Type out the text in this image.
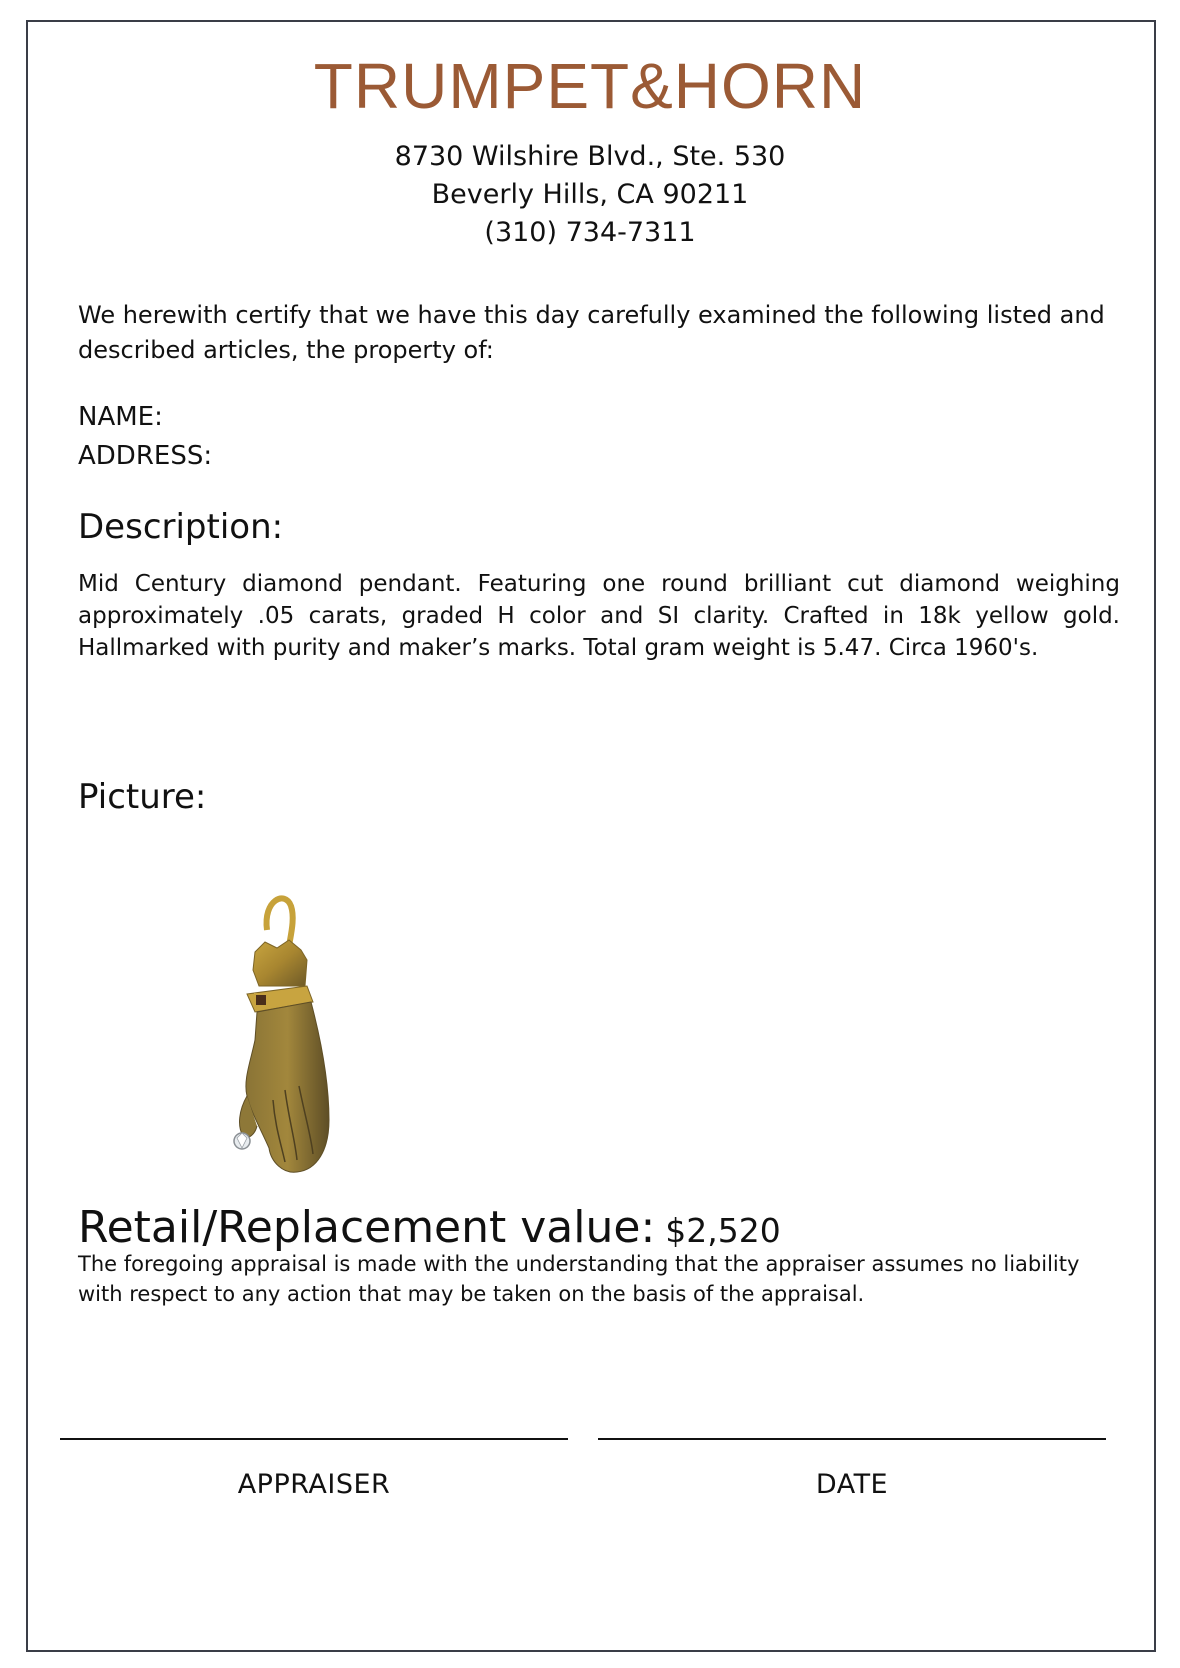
TRUMPET&HORN
8730 Wilshire Blvd., Ste. 530
Beverly Hills, CA 90211
(310) 734-7311
We herewith certify that we have this day carefully examined the following listed and described articles, the property of:
NAME:
ADDRESS:
Description:
Mid Century diamond pendant. Featuring one round brilliant cut diamond weighing approximately .05 carats, graded H color and SI clarity. Crafted in 18k yellow gold. Hallmarked with purity and maker’s marks. Total gram weight is 5.47. Circa 1960's.
Picture:
Retail/Replacement value: $2,520
The foregoing appraisal is made with the understanding that the appraiser assumes no liability with respect to any action that may be taken on the basis of the appraisal.
APPRAISER	DATE
